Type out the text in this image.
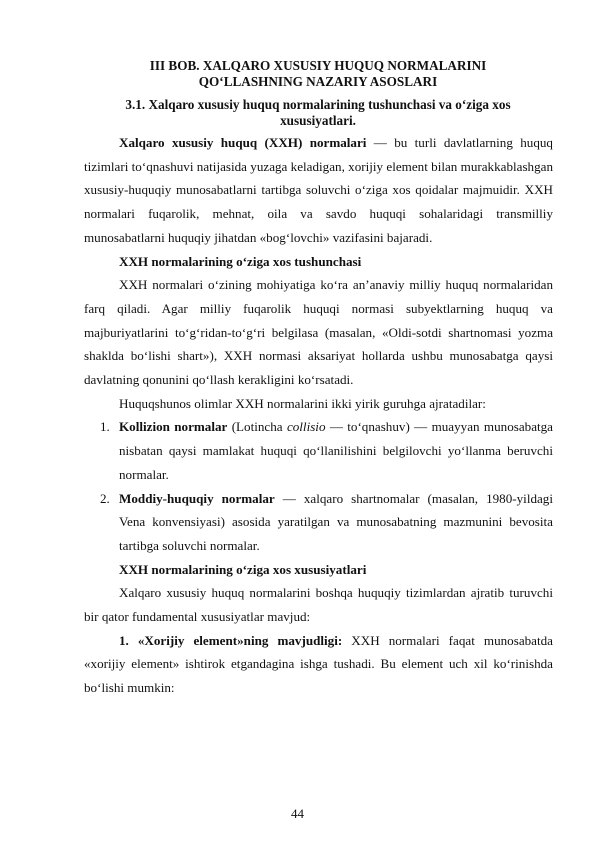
III BOB. XALQARO XUSUSIY HUQUQ NORMALARINI
QO‘LLASHNING NAZARIY ASOSLARI
3.1. Xalqaro xususiy huquq normalarining tushunchasi va o‘ziga xos
xususiyatlari.

Xalqaro xususiy huquq (XXH) normalari — bu turli davlatlarning huquq tizimlari to‘qnashuvi natijasida yuzaga keladigan, xorijiy element bilan murakkablashgan xususiy-huquqiy munosabatlarni tartibga soluvchi o‘ziga xos qoidalar majmuidir. XXH normalari fuqarolik, mehnat, oila va savdo huquqi sohalaridagi transmilliy munosabatlarni huquqiy jihatdan «bog‘lovchi» vazifasini bajaradi.

XXH normalarining o‘ziga xos tushunchasi

XXH normalari o‘zining mohiyatiga ko‘ra an’anaviy milliy huquq normalaridan farq qiladi. Agar milliy fuqarolik huquqi normasi subyektlarning huquq va majburiyatlarini to‘g‘ridan-to‘g‘ri belgilasa (masalan, «Oldi-sotdi shartnomasi yozma shaklda bo‘lishi shart»), XXH normasi aksariyat hollarda ushbu munosabatga qaysi davlatning qonunini qo‘llash kerakligini ko‘rsatadi.

Huquqshunos olimlar XXH normalarini ikki yirik guruhga ajratadilar:

1. Kollizion normalar (Lotincha collisio — to‘qnashuv) — muayyan munosabatga nisbatan qaysi mamlakat huquqi qo‘llanilishini belgilovchi yo‘llanma beruvchi normalar.
2. Moddiy-huquqiy normalar — xalqaro shartnomalar (masalan, 1980-yildagi Vena konvensiyasi) asosida yaratilgan va munosabatning mazmunini bevosita tartibga soluvchi normalar.

XXH normalarining o‘ziga xos xususiyatlari

Xalqaro xususiy huquq normalarini boshqa huquqiy tizimlardan ajratib turuvchi bir qator fundamental xususiyatlar mavjud:

1. «Xorijiy element»ning mavjudligi: XXH normalari faqat munosabatda «xorijiy element» ishtirok etgandagina ishga tushadi. Bu element uch xil ko‘rinishda bo‘lishi mumkin:

44
